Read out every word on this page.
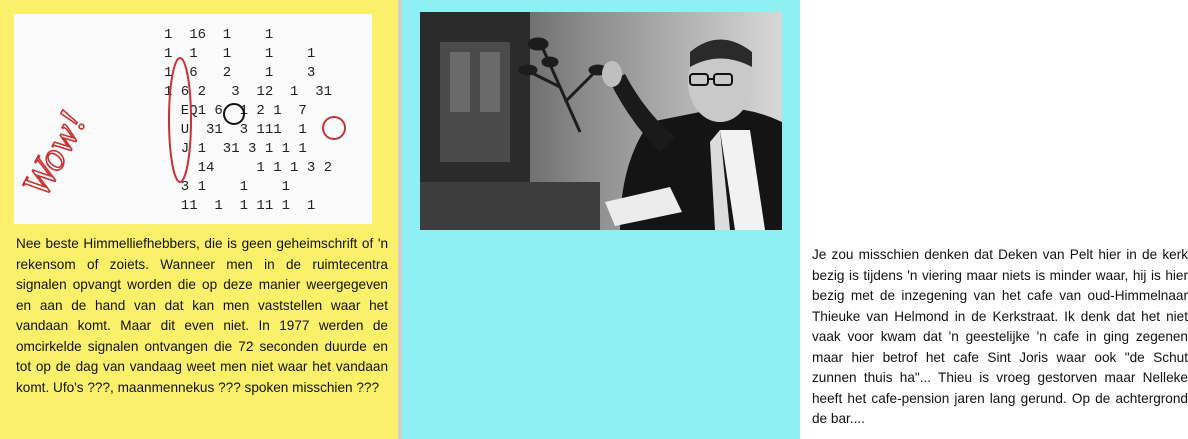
1  16  1    1
1  1   1    1    1
1  6   2    1    3
1 6 2   3  12  1  31
EQ1 6  1 2 1  7
U  31  3 111  1
J 1  31 3 1 1 1
14     1 1 1 3 2
3 1    1    1
11  1  1 11 1  1
Wow!

Nee beste Himmelliefhebbers, die is geen geheimschrift of 'n rekensom of zoiets. Wanneer men in de ruimtecentra signalen opvangt worden die op deze manier weergegeven en aan de hand van dat kan men vaststellen waar het vandaan komt. Maar dit even niet. In 1977 werden de omcirkelde signalen ontvangen die 72 seconden duurde en tot op de dag van vandaag weet men niet waar het vandaan komt. Ufo's ???, maanmennekus ??? spoken misschien ???

Je zou misschien denken dat Deken van Pelt hier in de kerk bezig is tijdens 'n viering maar niets is minder waar, hij is hier bezig met de inzegening van het cafe van oud-Himmelnaar Thieuke van Helmond in de Kerkstraat. Ik denk dat het niet vaak voor kwam dat 'n geestelijke 'n cafe in ging zegenen maar hier betrof het cafe Sint Joris waar ook "de Schut zunnen thuis ha"... Thieu is vroeg gestorven maar Nelleke heeft het cafe-pension jaren lang gerund. Op de achtergrond de bar....
